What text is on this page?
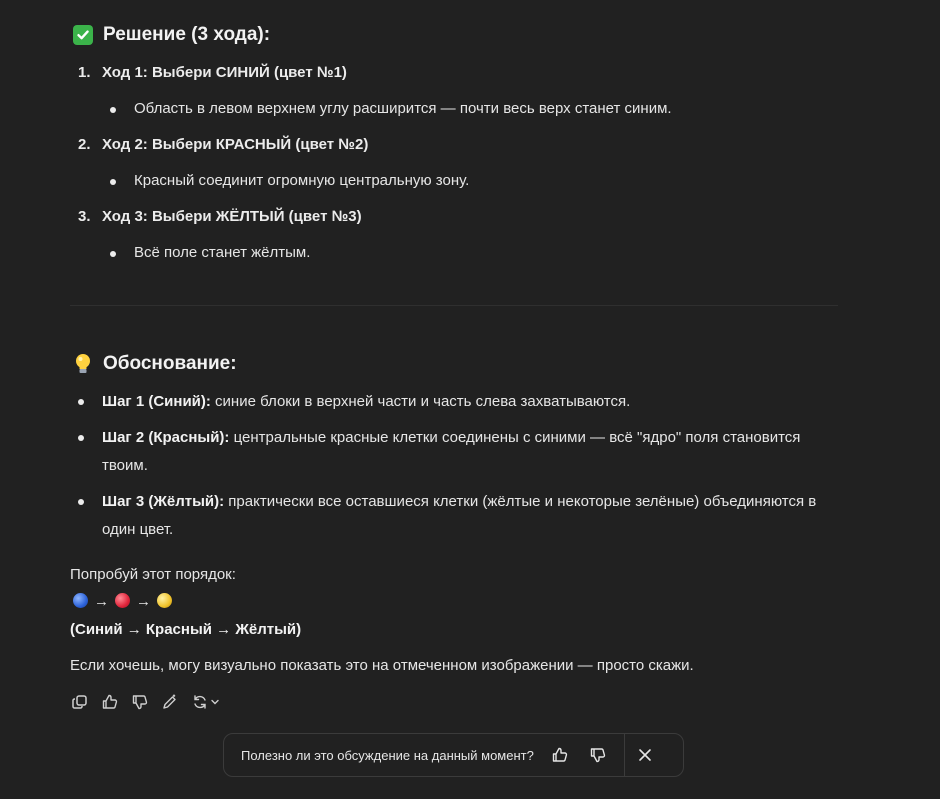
Решение (3 хода):
1. Ход 1: Выбери СИНИЙ (цвет №1)
Область в левом верхнем углу расширится — почти весь верх станет синим.
2. Ход 2: Выбери КРАСНЫЙ (цвет №2)
Красный соединит огромную центральную зону.
3. Ход 3: Выбери ЖЁЛТЫЙ (цвет №3)
Всё поле станет жёлтым.
Обоснование:
Шаг 1 (Синий): синие блоки в верхней части и часть слева захватываются.
Шаг 2 (Красный): центральные красные клетки соединены с синими — всё "ядро" поля становится твоим.
Шаг 3 (Жёлтый): практически все оставшиеся клетки (жёлтые и некоторые зелёные) объединяются в один цвет.
Попробуй этот порядок:
→ →
(Синий → Красный → Жёлтый)
Если хочешь, могу визуально показать это на отмеченном изображении — просто скажи.
Полезно ли это обсуждение на данный момент?
